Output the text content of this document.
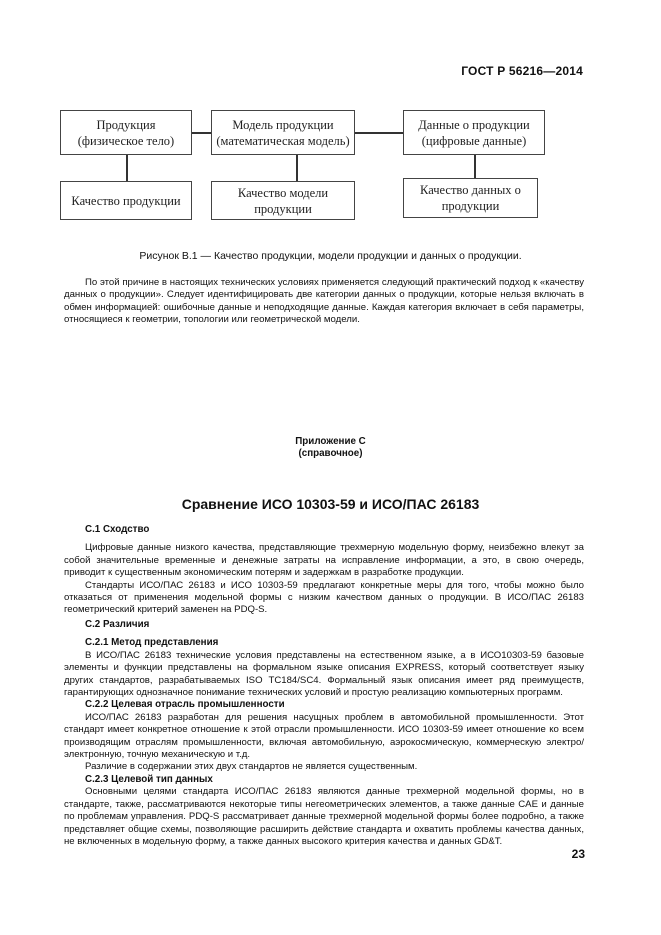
ГОСТ Р 56216—2014
Продукция
(физическое тело)
Модель продукции
(математическая модель)
Данные о продукции
(цифровые данные)
Качество продукции
Качество модели
продукции
Качество данных о
продукции
Рисунок В.1 — Качество продукции, модели продукции и данных о продукции.

По этой причине в настоящих технических условиях применяется следующий практический подход к «качеству данных о продукции». Следует идентифицировать две категории данных о продукции, которые нельзя включать в обмен информацией: ошибочные данные и неподходящие данные. Каждая категория включает в себя параметры, относящиеся к геометрии, топологии или геометрической модели.

Приложение С
(справочное)
Сравнение ИСО 10303-59 и ИСО/ПАС 26183
С.1 Сходство

Цифровые данные низкого качества, представляющие трехмерную модельную форму, неизбежно влекут за собой значительные временные и денежные затраты на исправление информации, а это, в свою очередь, приводит к существенным экономическим потерям и задержкам в разработке продукции.

Стандарты ИСО/ПАС 26183 и ИСО 10303-59 предлагают конкретные меры для того, чтобы можно было отказаться от применения модельной формы с низким качеством данных о продукции. В ИСО/ПАС 26183 геометрический критерий заменен на PDQ-S.

С.2 Различия
С.2.1 Метод представления

В ИСО/ПАС 26183 технические условия представлены на естественном языке, а в ИСО10303-59 базовые элементы и функции представлены на формальном языке описания EXPRESS, который соответствует языку других стандартов, разрабатываемых ISO TC184/SC4. Формальный язык описания имеет ряд преимуществ, гарантирующих однозначное понимание технических условий и простую реализацию компьютерных программ.

С.2.2 Целевая отрасль промышленности

ИСО/ПАС 26183 разработан для решения насущных проблем в автомобильной промышленности. Этот стандарт имеет конкретное отношение к этой отрасли промышленности. ИСО 10303-59 имеет отношение ко всем производящим отраслям промышленности, включая автомобильную, аэрокосмическую, коммерческую электро/электронную, точную механическую и т.д.

Различие в содержании этих двух стандартов не является существенным.

С.2.3 Целевой тип данных

Основными целями стандарта ИСО/ПАС 26183 являются данные трехмерной модельной формы, но в стандарте, также, рассматриваются некоторые типы негеометрических элементов, а также данные CAE и данные по проблемам управления. PDQ-S рассматривает данные трехмерной модельной формы более подробно, а также представляет общие схемы, позволяющие расширить действие стандарта и охватить проблемы качества данных, не включенных в модельную форму, а также данных высокого критерия качества и данных GD&T.

23
